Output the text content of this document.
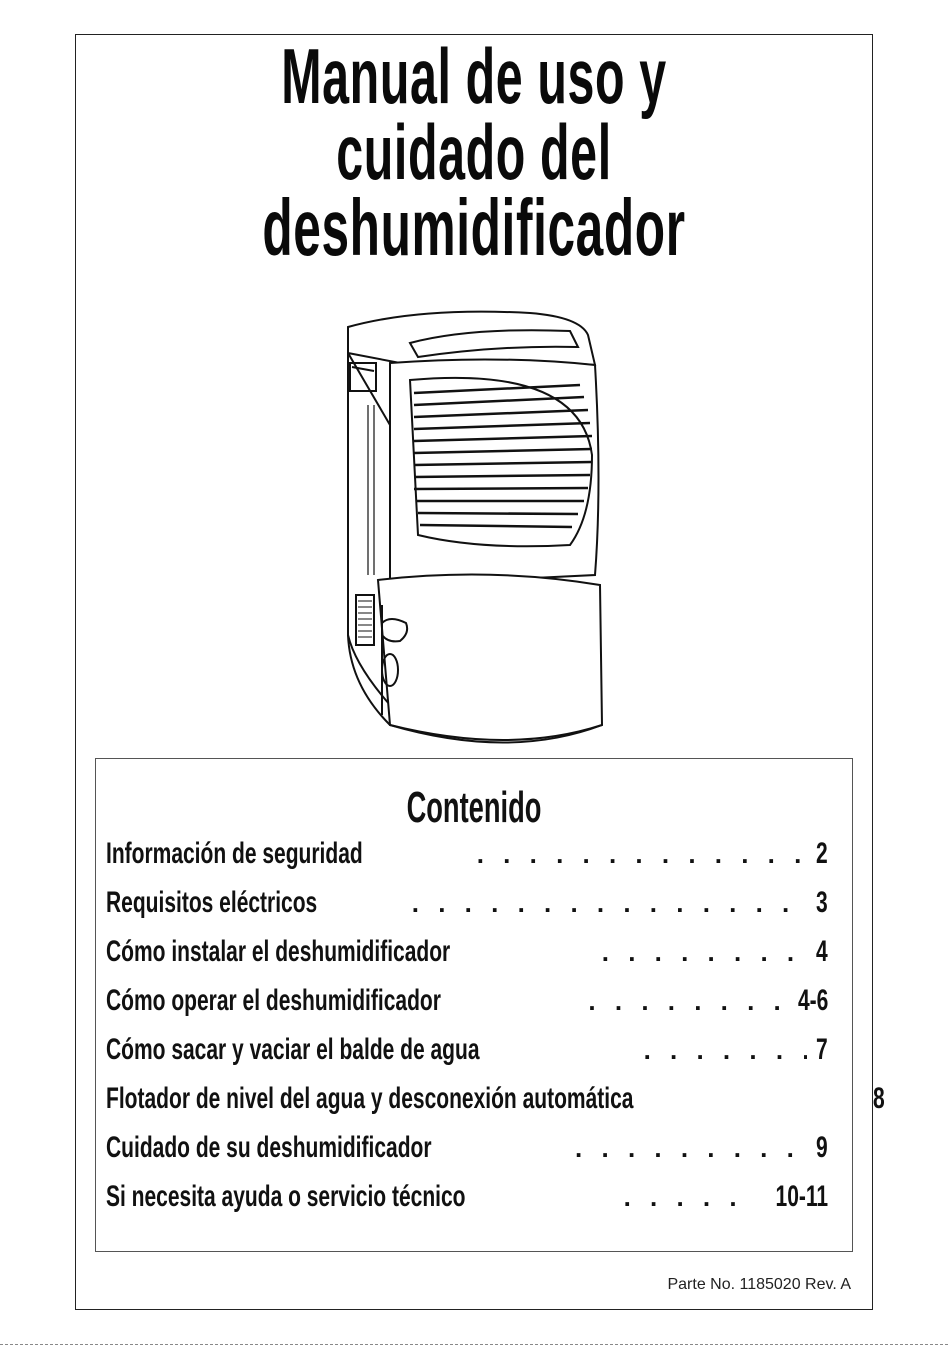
Manual de uso y
cuidado del
deshumidificador
Contenido
Información de seguridad . . .	2
Requisitos eléctricos . . .	3
Cómo instalar el deshumidificador . . .	4
Cómo operar el deshumidificador . . .	4-6
Cómo sacar y vaciar el balde de agua . . .	7
Flotador de nivel del agua y desconexión automática	8
Cuidado de su deshumidificador . . .	9
Si necesita ayuda o servicio técnico . . .	10-11
Parte No. 1185020 Rev. A
